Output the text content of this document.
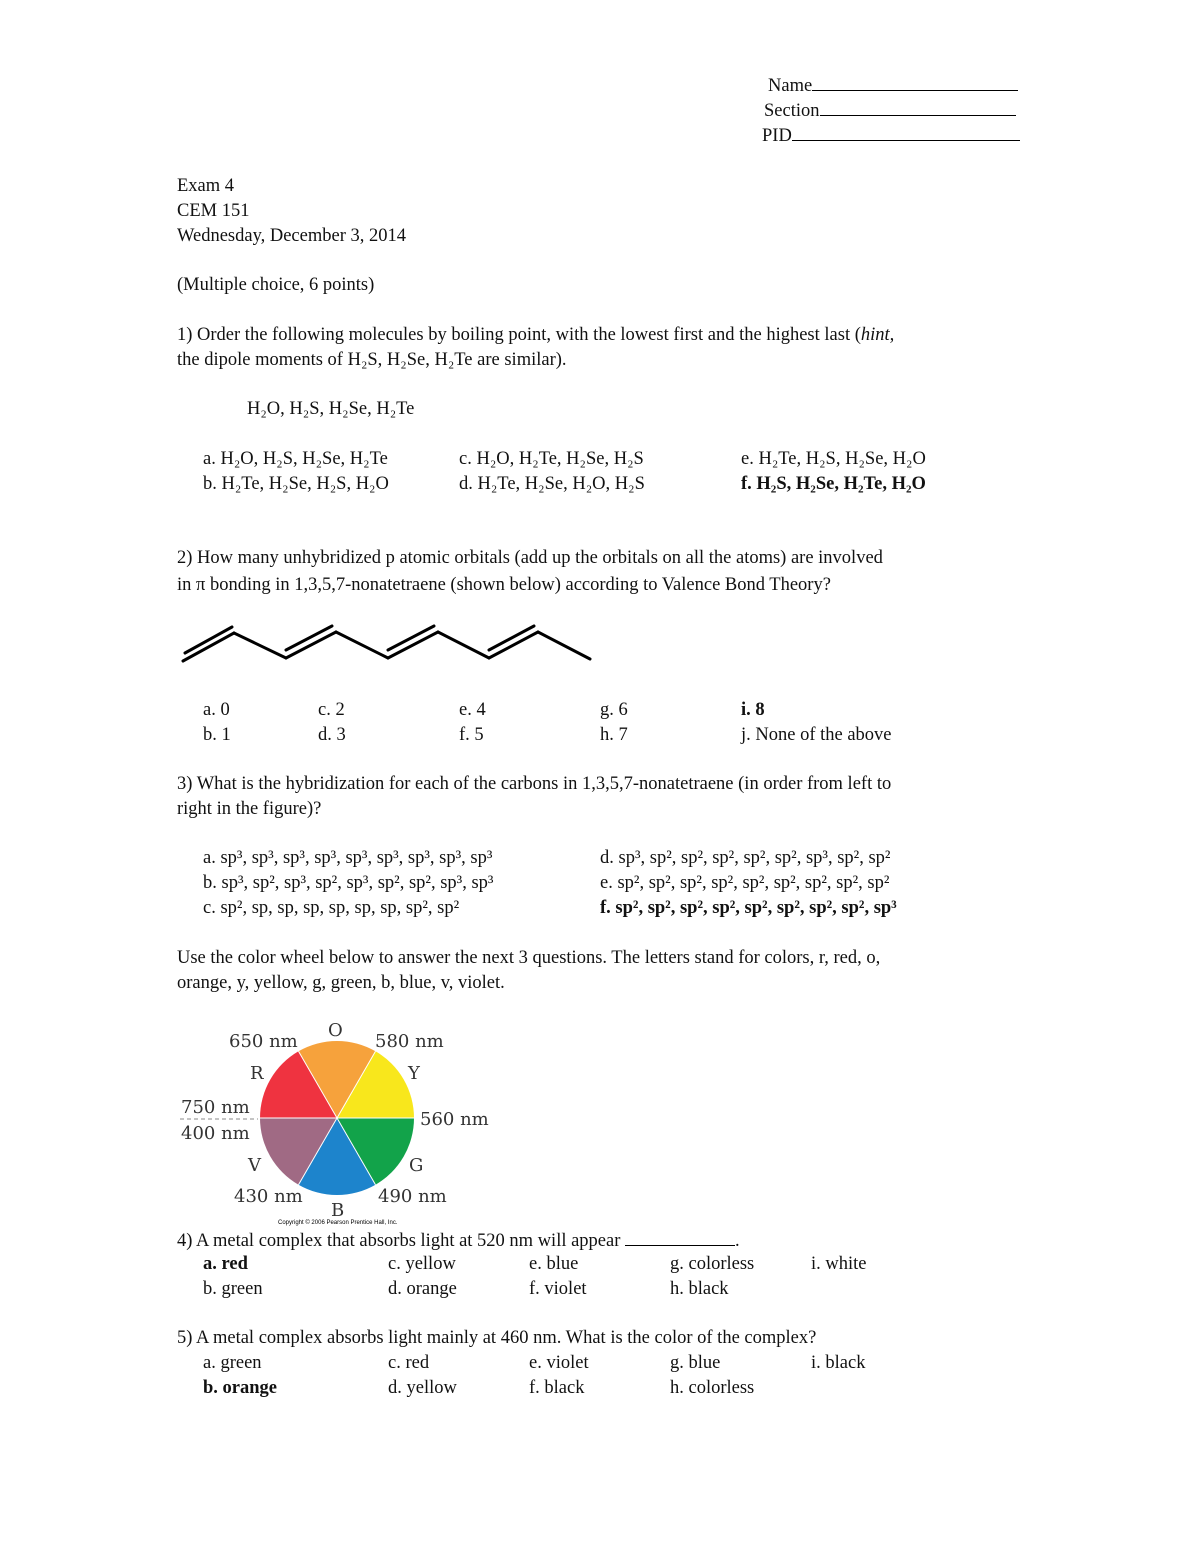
Name
Section
PID
Exam 4
CEM 151
Wednesday, December 3, 2014
(Multiple choice, 6 points)
1) Order the following molecules by boiling point, with the lowest first and the highest last (hint,
the dipole moments of H₂S, H₂Se, H₂Te are similar).
H₂O, H₂S, H₂Se, H₂Te
a. H₂O, H₂S, H₂Se, H₂Te
b. H₂Te, H₂Se, H₂S, H₂O
c. H₂O, H₂Te, H₂Se, H₂S
d. H₂Te, H₂Se, H₂O, H₂S
e. H₂Te, H₂S, H₂Se, H₂O
f. H₂S, H₂Se, H₂Te, H₂O
2) How many unhybridized p atomic orbitals (add up the orbitals on all the atoms) are involved
in π bonding in 1,3,5,7-nonatetraene (shown below) according to Valence Bond Theory?
a. 0
b. 1
c. 2
d. 3
e. 4
f. 5
g. 6
h. 7
i. 8
j. None of the above
3) What is the hybridization for each of the carbons in 1,3,5,7-nonatetraene (in order from left to
right in the figure)?
a. sp³, sp³, sp³, sp³, sp³, sp³, sp³, sp³, sp³
b. sp³, sp², sp³, sp², sp³, sp², sp², sp³, sp³
c. sp², sp, sp, sp, sp, sp, sp, sp², sp²
d. sp³, sp², sp², sp², sp², sp², sp³, sp², sp²
e. sp², sp², sp², sp², sp², sp², sp², sp², sp²
f. sp², sp², sp², sp², sp², sp², sp², sp², sp³
Use the color wheel below to answer the next 3 questions. The letters stand for colors, r, red, o,
orange, y, yellow, g, green, b, blue, v, violet.
O
Y
G
B
V
R
650 nm	580 nm
560 nm
490 nm
430 nm
750 nm
400 nm
Copyright © 2006 Pearson Prentice Hall, Inc.
4) A metal complex that absorbs light at 520 nm will appear	.
a. red
b. green
c. yellow
d. orange
e. blue
f. violet
g. colorless
h. black
i. white
5) A metal complex absorbs light mainly at 460 nm. What is the color of the complex?
a. green
b. orange
c. red
d. yellow
e. violet
f. black
g. blue
h. colorless
i. black
